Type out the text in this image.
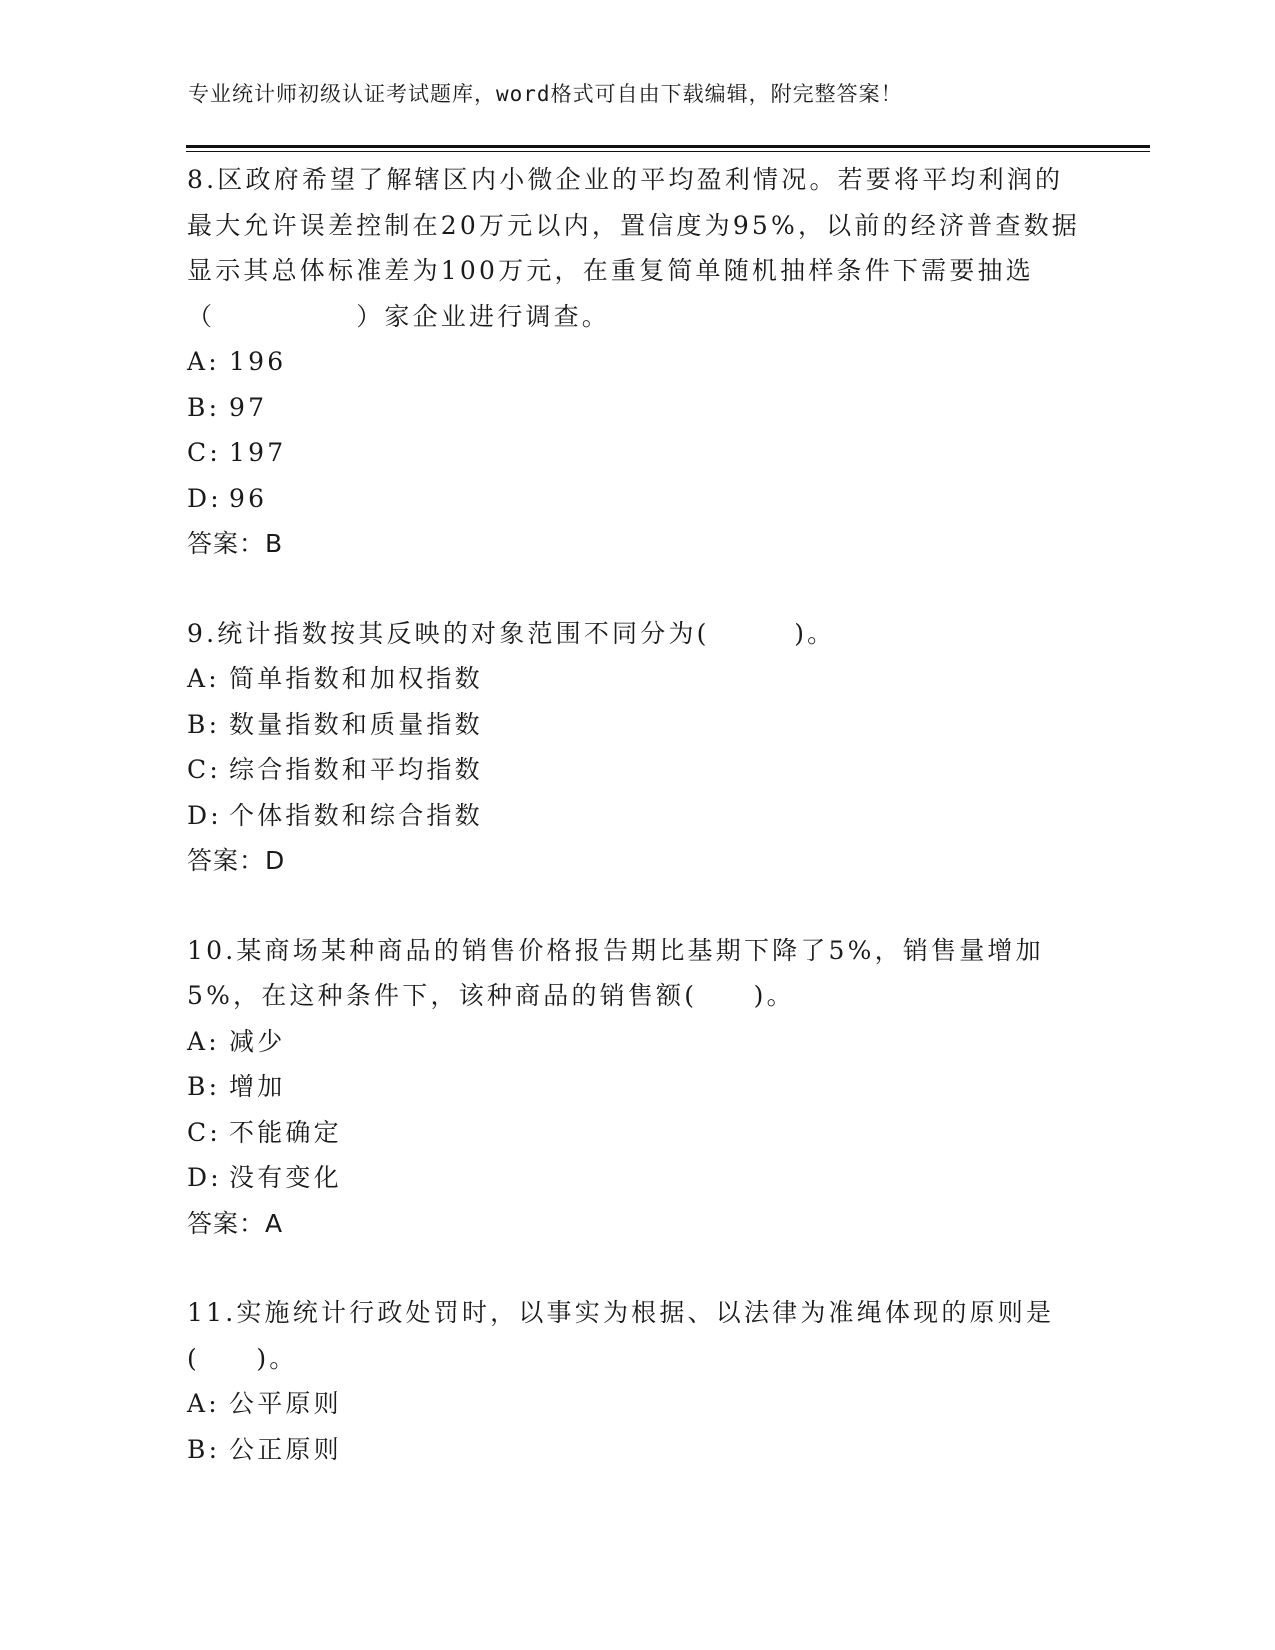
专业统计师初级认证考试题库，word格式可自由下载编辑，附完整答案！

8.区政府希望了解辖区内小微企业的平均盈利情况。若要将平均利润的最大允许误差控制在20万元以内，置信度为95%，以前的经济普查数据显示其总体标准差为100万元，在重复简单随机抽样条件下需要抽选（　　　　　）家企业进行调查。

A: 196
B: 97
C: 197
D: 96
答案：B

9.统计指数按其反映的对象范围不同分为(　　　)。

A: 简单指数和加权指数
B: 数量指数和质量指数
C: 综合指数和平均指数
D: 个体指数和综合指数
答案：D

10.某商场某种商品的销售价格报告期比基期下降了5%，销售量增加5%，在这种条件下，该种商品的销售额(　　)。

A: 减少
B: 增加
C: 不能确定
D: 没有变化
答案：A

11.实施统计行政处罚时，以事实为根据、以法律为准绳体现的原则是(　　)。

A: 公平原则
B: 公正原则
